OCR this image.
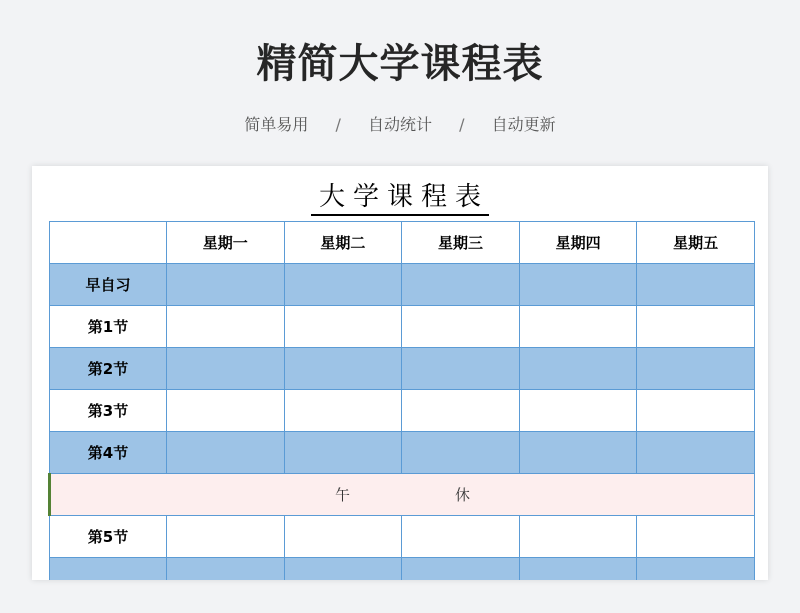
精简大学课程表
简单易用 / 自动统计 / 自动更新
大学课程表
	星期一	星期二	星期三	星期四	星期五
早自习					
第1节					
第2节					
第3节					
第4节					
午 休					
第5节					
